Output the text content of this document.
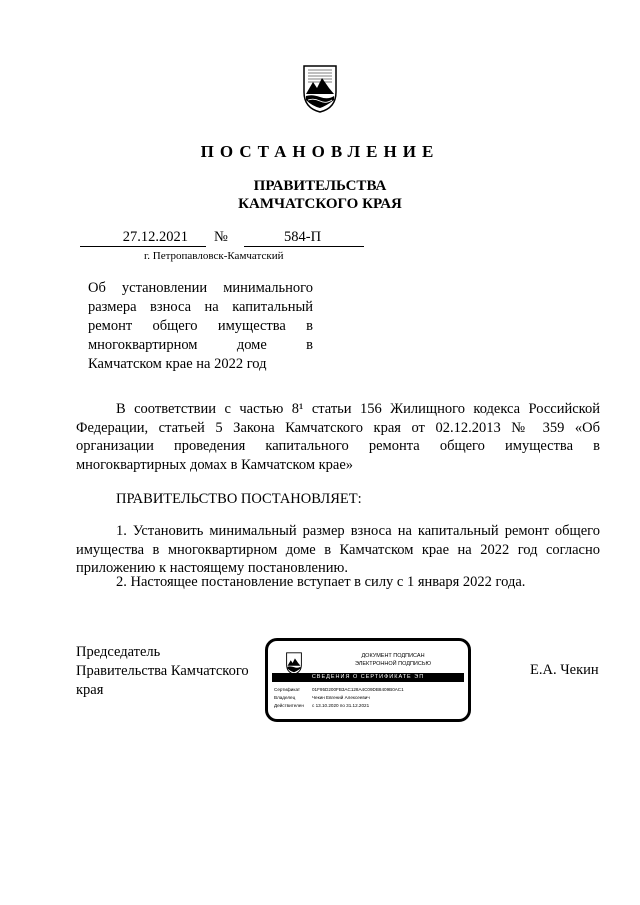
ПОСТАНОВЛЕНИЕ
ПРАВИТЕЛЬСТВА
КАМЧАТСКОГО КРАЯ
27.12.2021	№	584-П
г. Петропавловск-Камчатский
Об установлении минимального
размера взноса на капитальный
ремонт общего имущества в
многоквартирном доме в
Камчатском крае на 2022 год
В соответствии с частью 8¹ статьи 156 Жилищного кодекса Российской
Федерации, статьей 5 Закона Камчатского края от 02.12.2013 № 359 «Об
организации проведения капитального ремонта общего имущества в
многоквартирных домах в Камчатском крае»
ПРАВИТЕЛЬСТВО ПОСТАНОВЛЯЕТ:
1. Установить минимальный размер взноса на капитальный ремонт общего
имущества в многоквартирном доме в Камчатском крае на 2022 год согласно
приложению к настоящему постановлению.
2. Настоящее постановление вступает в силу с 1 января 2022 года.
Председатель
Правительства Камчатского
края
ДОКУМЕНТ ПОДПИСАН
ЭЛЕКТРОННОЙ ПОДПИСЬЮ
СВЕДЕНИЯ О СЕРТИФИКАТЕ ЭП
Сертификат	01F95D200FB3AC128A4C09DB8409B0AC1
Владелец	Чекин Евгений Алексеевич
Действителен с 13.10.2020 по 31.12.2021
Е.А. Чекин
